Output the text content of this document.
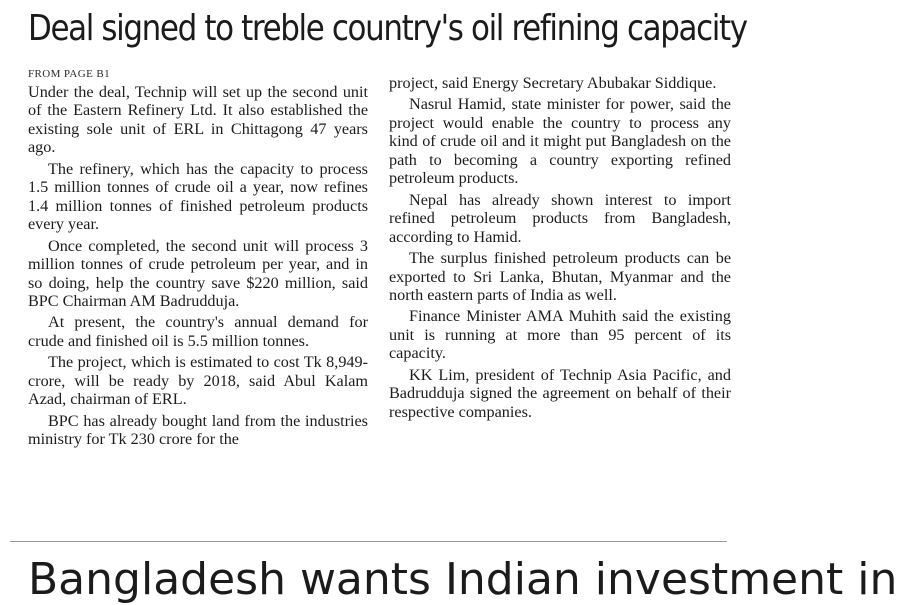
Deal signed to treble country's oil refining capacity
FROM PAGE B1

Under the deal, Technip will set up the second unit of the Eastern Refinery Ltd. It also established the existing sole unit of ERL in Chittagong 47 years ago.

The refinery, which has the capacity to process 1.5 million tonnes of crude oil a year, now refines 1.4 million tonnes of finished petroleum products every year.

Once completed, the second unit will process 3 million tonnes of crude petroleum per year, and in so doing, help the country save $220 million, said BPC Chairman AM Badrudduja.

At present, the country's annual demand for crude and finished oil is 5.5 million tonnes.

The project, which is estimated to cost Tk 8,949-crore, will be ready by 2018, said Abul Kalam Azad, chairman of ERL.

BPC has already bought land from the industries ministry for Tk 230 crore for the

project, said Energy Secretary Abubakar Siddique.

Nasrul Hamid, state minister for power, said the project would enable the country to process any kind of crude oil and it might put Bangladesh on the path to becoming a country exporting refined petroleum products.

Nepal has already shown interest to import refined petroleum products from Bangladesh, according to Hamid.

The surplus finished petroleum products can be exported to Sri Lanka, Bhutan, Myanmar and the north eastern parts of India as well.

Finance Minister AMA Muhith said the existing unit is running at more than 95 percent of its capacity.

KK Lim, president of Technip Asia Pacific, and Badrudduja signed the agreement on behalf of their respective companies.

Bangladesh wants Indian investment in
